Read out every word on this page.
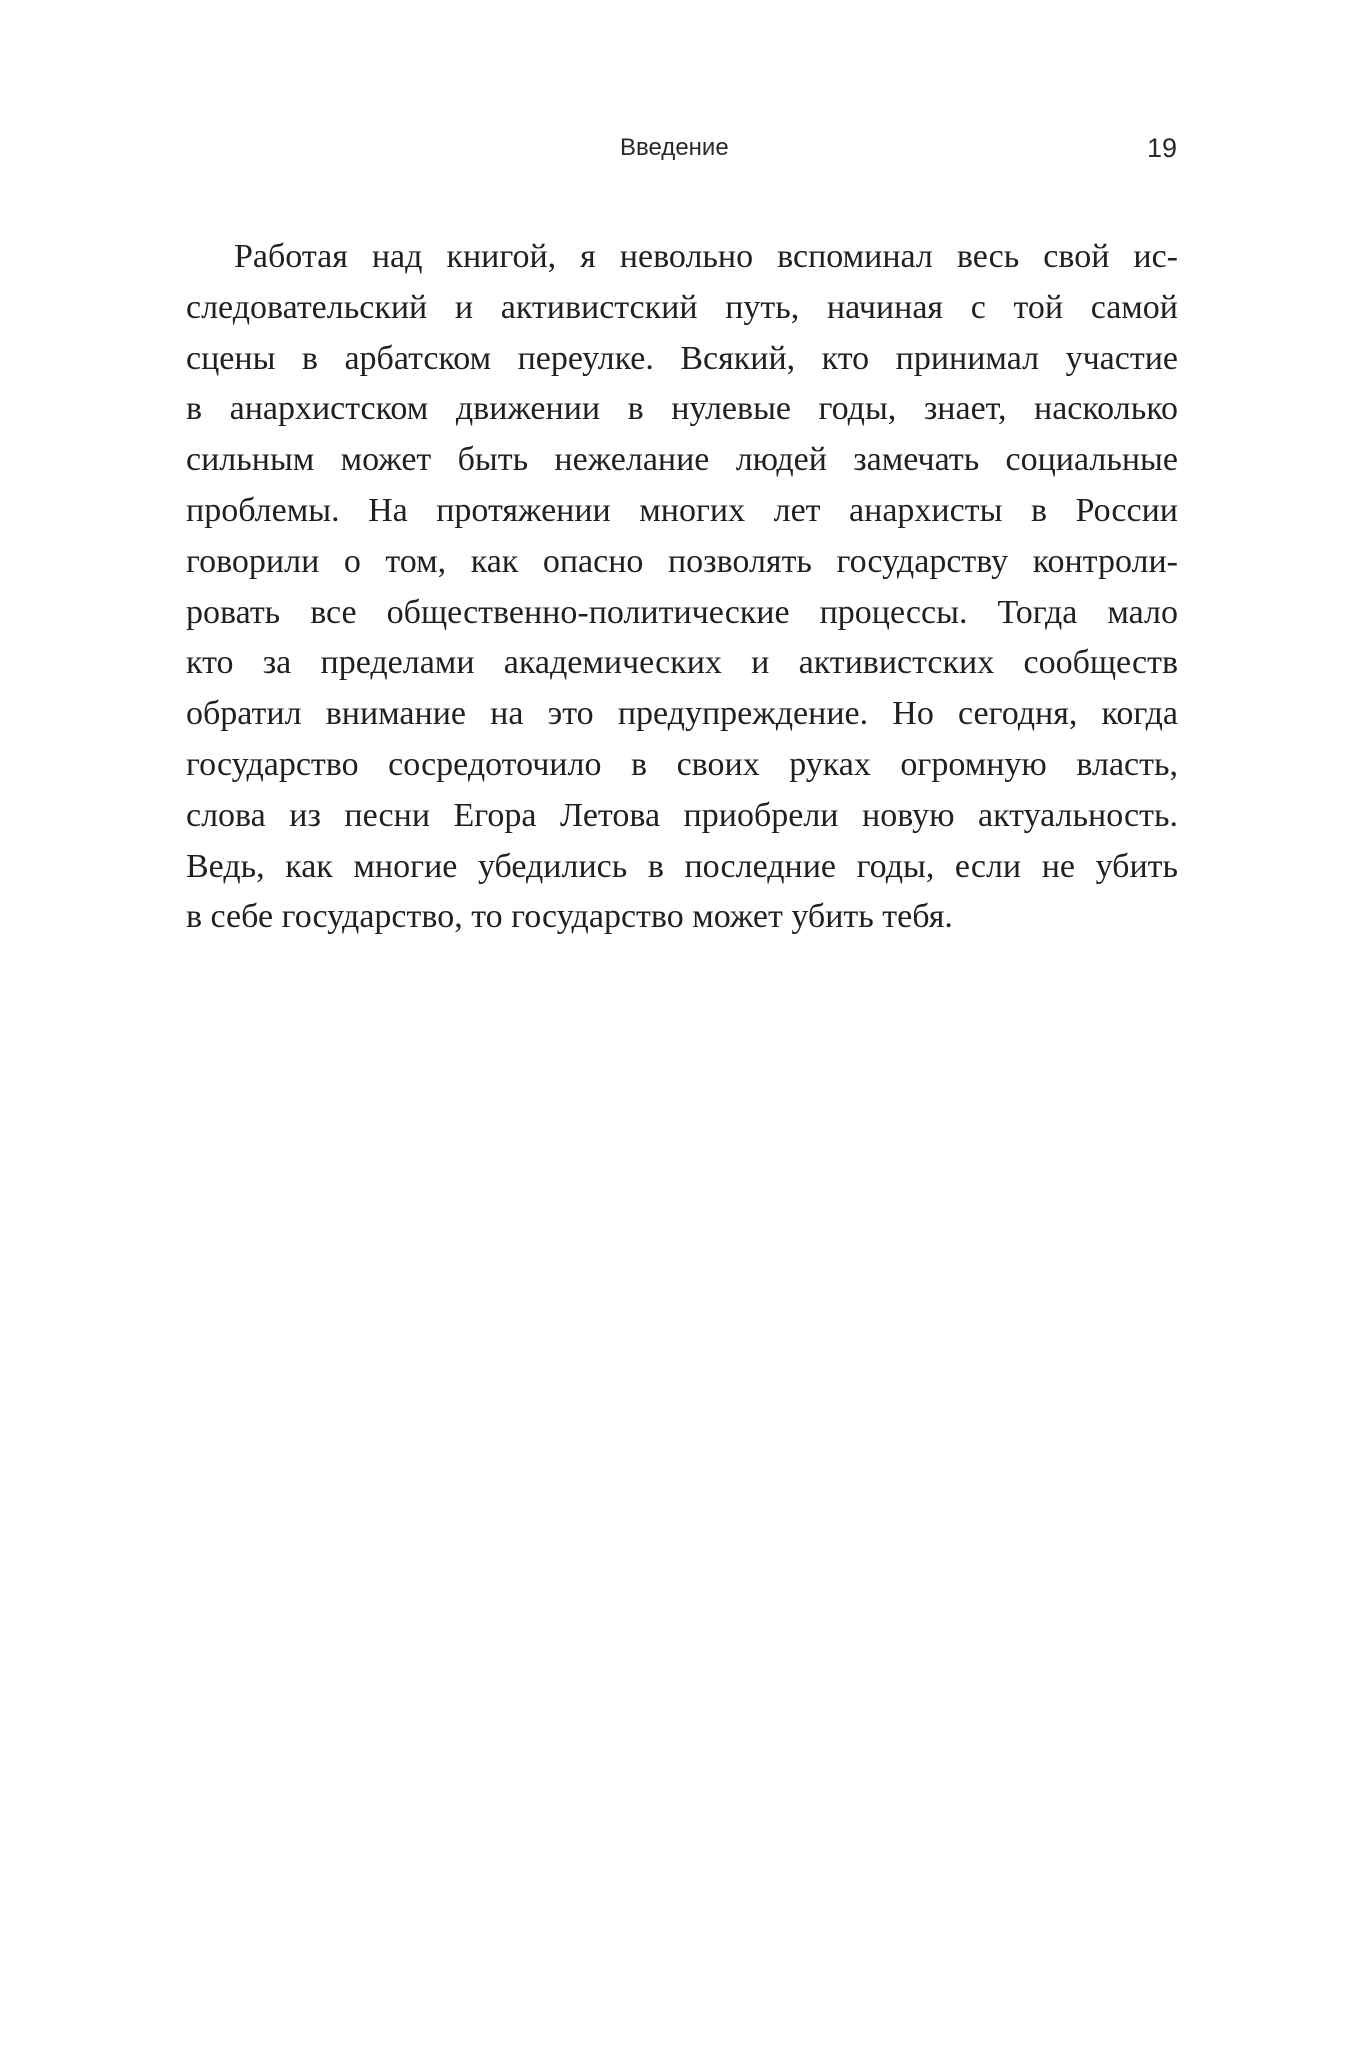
Введение	19
Работая над книгой, я невольно вспоминал весь свой ис-
следовательский и активистский путь, начиная с той самой
сцены в арбатском переулке. Всякий, кто принимал участие
в анархистском движении в нулевые годы, знает, насколько
сильным может быть нежелание людей замечать социальные
проблемы. На протяжении многих лет анархисты в России
говорили о том, как опасно позволять государству контроли-
ровать все общественно-политические процессы. Тогда мало
кто за пределами академических и активистских сообществ
обратил внимание на это предупреждение. Но сегодня, когда
государство сосредоточило в своих руках огромную власть,
слова из песни Егора Летова приобрели новую актуальность.
Ведь, как многие убедились в последние годы, если не убить
в себе государство, то государство может убить тебя.
